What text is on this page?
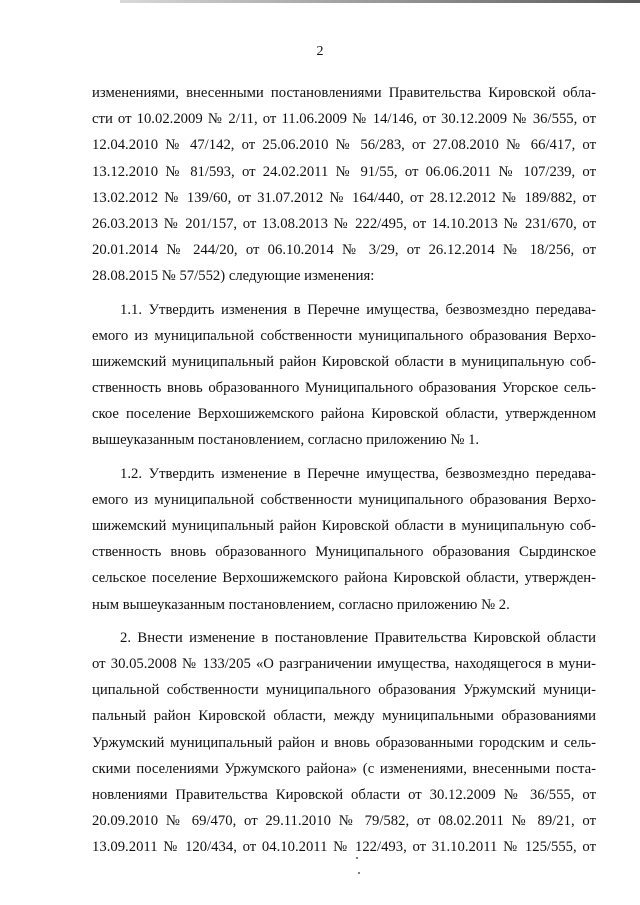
2
изменениями, внесенными постановлениями Правительства Кировской обла-
сти от 10.02.2009 № 2/11, от 11.06.2009 № 14/146, от 30.12.2009 № 36/555, от
12.04.2010 № 47/142, от 25.06.2010 № 56/283, от 27.08.2010 № 66/417, от
13.12.2010 № 81/593, от 24.02.2011 № 91/55, от 06.06.2011 № 107/239, от
13.02.2012 № 139/60, от 31.07.2012 № 164/440, от 28.12.2012 № 189/882, от
26.03.2013 № 201/157, от 13.08.2013 № 222/495, от 14.10.2013 № 231/670, от
20.01.2014 № 244/20, от 06.10.2014 № 3/29, от 26.12.2014 № 18/256, от
28.08.2015 № 57/552) следующие изменения:
1.1. Утвердить изменения в Перечне имущества, безвозмездно передава-
емого из муниципальной собственности муниципального образования Верхо-
шижемский муниципальный район Кировской области в муниципальную соб-
ственность вновь образованного Муниципального образования Угорское сель-
ское поселение Верхошижемского района Кировской области, утвержденном
вышеуказанным постановлением, согласно приложению № 1.
1.2. Утвердить изменение в Перечне имущества, безвозмездно передава-
емого из муниципальной собственности муниципального образования Верхо-
шижемский муниципальный район Кировской области в муниципальную соб-
ственность вновь образованного Муниципального образования Сырдинское
сельское поселение Верхошижемского района Кировской области, утвержден-
ным вышеуказанным постановлением, согласно приложению № 2.
2. Внести изменение в постановление Правительства Кировской области
от 30.05.2008 № 133/205 «О разграничении имущества, находящегося в муни-
ципальной собственности муниципального образования Уржумский муници-
пальный район Кировской области, между муниципальными образованиями
Уржумский муниципальный район и вновь образованными городским и сель-
скими поселениями Уржумского района» (с изменениями, внесенными поста-
новлениями Правительства Кировской области от 30.12.2009 № 36/555, от
20.09.2010 № 69/470, от 29.11.2010 № 79/582, от 08.02.2011 № 89/21, от
13.09.2011 № 120/434, от 04.10.2011 № 122/493, от 31.10.2011 № 125/555, от
